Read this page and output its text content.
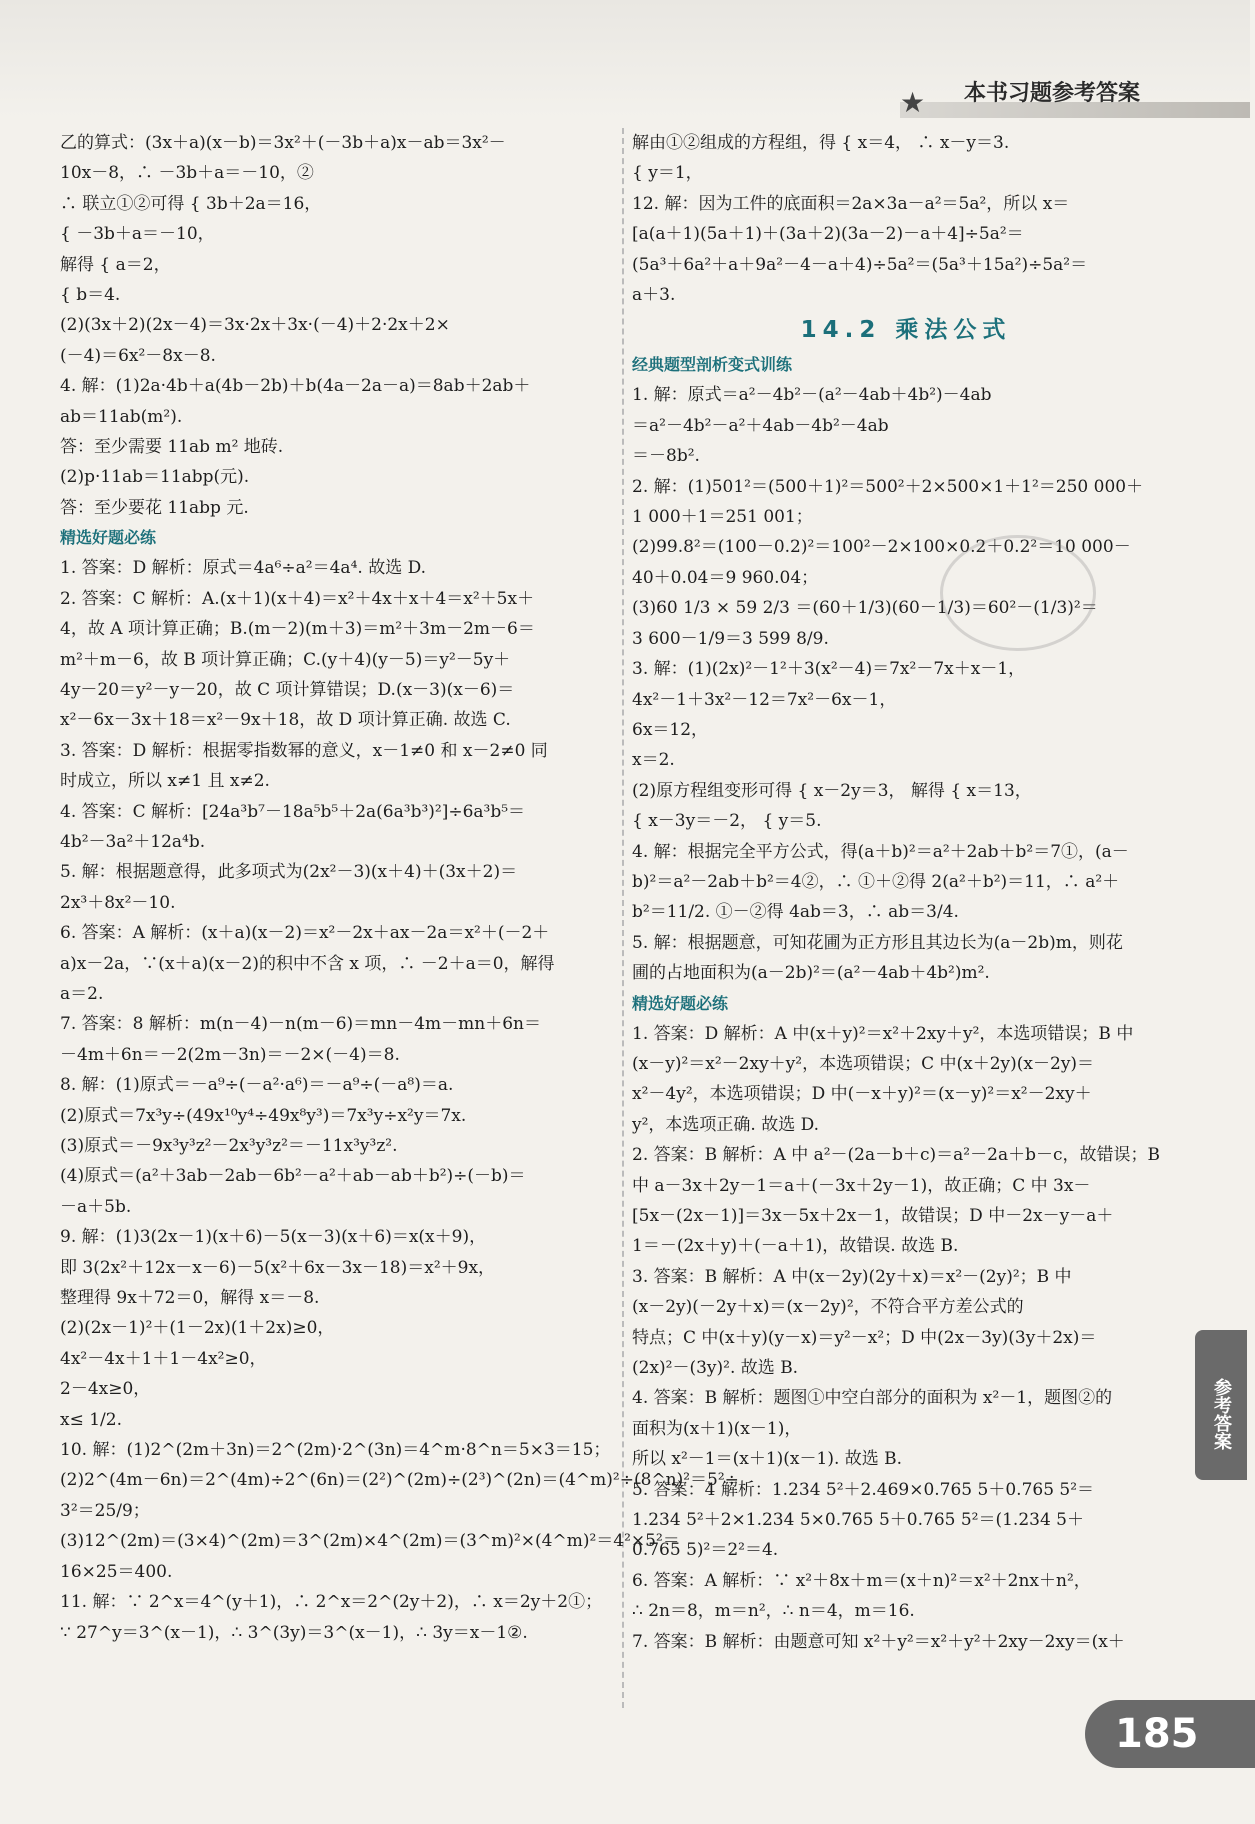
★ 本书习题参考答案
乙的算式：(3x＋a)(x－b)＝3x²＋(－3b＋a)x－ab＝3x²－
10x－8，∴ －3b＋a＝－10，②
∴ 联立①②可得 { 3b＋2a＝16，
{ －3b＋a＝－10，
解得 { a＝2，
{ b＝4.
(2)(3x＋2)(2x－4)＝3x·2x＋3x·(－4)＋2·2x＋2×
(－4)＝6x²－8x－8.
4. 解：(1)2a·4b＋a(4b－2b)＋b(4a－2a－a)＝8ab＋2ab＋
ab＝11ab(m²).
答：至少需要 11ab m² 地砖.
(2)p·11ab＝11abp(元).
答：至少要花 11abp 元.
精选好题必练
1. 答案：D 解析：原式＝4a⁶÷a²＝4a⁴. 故选 D.
2. 答案：C 解析：A.(x＋1)(x＋4)＝x²＋4x＋x＋4＝x²＋5x＋
4，故 A 项计算正确；B.(m－2)(m＋3)＝m²＋3m－2m－6＝
m²＋m－6，故 B 项计算正确；C.(y＋4)(y－5)＝y²－5y＋
4y－20＝y²－y－20，故 C 项计算错误；D.(x－3)(x－6)＝
x²－6x－3x＋18＝x²－9x＋18，故 D 项计算正确. 故选 C.
3. 答案：D 解析：根据零指数幂的意义，x－1≠0 和 x－2≠0 同
时成立，所以 x≠1 且 x≠2.
4. 答案：C 解析：[24a³b⁷－18a⁵b⁵＋2a(6a³b³)²]÷6a³b⁵＝
4b²－3a²＋12a⁴b.
5. 解：根据题意得，此多项式为(2x²－3)(x＋4)＋(3x＋2)＝
2x³＋8x²－10.
6. 答案：A 解析：(x＋a)(x－2)＝x²－2x＋ax－2a＝x²＋(－2＋
a)x－2a，∵(x＋a)(x－2)的积中不含 x 项，∴ －2＋a＝0，解得
a＝2.
7. 答案：8 解析：m(n－4)－n(m－6)＝mn－4m－mn＋6n＝
－4m＋6n＝－2(2m－3n)＝－2×(－4)＝8.
8. 解：(1)原式＝－a⁹÷(－a²·a⁶)＝－a⁹÷(－a⁸)＝a.
(2)原式＝7x³y÷(49x¹⁰y⁴÷49x⁸y³)＝7x³y÷x²y＝7x.
(3)原式＝－9x³y³z²－2x³y³z²＝－11x³y³z².
(4)原式＝(a²＋3ab－2ab－6b²－a²＋ab－ab＋b²)÷(－b)＝
－a＋5b.
9. 解：(1)3(2x－1)(x＋6)－5(x－3)(x＋6)＝x(x＋9)，
即 3(2x²＋12x－x－6)－5(x²＋6x－3x－18)＝x²＋9x，
整理得 9x＋72＝0，解得 x＝－8.
(2)(2x－1)²＋(1－2x)(1＋2x)≥0，
4x²－4x＋1＋1－4x²≥0，
2－4x≥0，
x≤ 1/2.
10. 解：(1)2^(2m＋3n)＝2^(2m)·2^(3n)＝4^m·8^n＝5×3＝15；
(2)2^(4m－6n)＝2^(4m)÷2^(6n)＝(2²)^(2m)÷(2³)^(2n)＝(4^m)²÷(8^n)²＝5²÷
3²＝25/9；
(3)12^(2m)＝(3×4)^(2m)＝3^(2m)×4^(2m)＝(3^m)²×(4^m)²＝4²×5²＝
16×25＝400.
11. 解：∵ 2^x＝4^(y＋1)，∴ 2^x＝2^(2y＋2)，∴ x＝2y＋2①；
∵ 27^y＝3^(x－1)，∴ 3^(3y)＝3^(x－1)，∴ 3y＝x－1②.
解由①②组成的方程组，得 { x＝4， ∴ x－y＝3.
{ y＝1，
12. 解：因为工件的底面积＝2a×3a－a²＝5a²，所以 x＝
[a(a＋1)(5a＋1)＋(3a＋2)(3a－2)－a＋4]÷5a²＝
(5a³＋6a²＋a＋9a²－4－a＋4)÷5a²＝(5a³＋15a²)÷5a²＝
a＋3.
14.2 乘法公式
经典题型剖析变式训练
1. 解：原式＝a²－4b²－(a²－4ab＋4b²)－4ab
＝a²－4b²－a²＋4ab－4b²－4ab
＝－8b².
2. 解：(1)501²＝(500＋1)²＝500²＋2×500×1＋1²＝250 000＋
1 000＋1＝251 001；
(2)99.8²＝(100－0.2)²＝100²－2×100×0.2＋0.2²＝10 000－
40＋0.04＝9 960.04；
(3)60 1/3 × 59 2/3 ＝(60＋1/3)(60－1/3)＝60²－(1/3)²＝
3 600－1/9＝3 599 8/9.
3. 解：(1)(2x)²－1²＋3(x²－4)＝7x²－7x＋x－1，
4x²－1＋3x²－12＝7x²－6x－1，
6x＝12，
x＝2.
(2)原方程组变形可得 { x－2y＝3， 解得 { x＝13，
{ x－3y＝－2， { y＝5.
4. 解：根据完全平方公式，得(a＋b)²＝a²＋2ab＋b²＝7①，(a－
b)²＝a²－2ab＋b²＝4②，∴ ①＋②得 2(a²＋b²)＝11，∴ a²＋
b²＝11/2. ①－②得 4ab＝3，∴ ab＝3/4.
5. 解：根据题意，可知花圃为正方形且其边长为(a－2b)m，则花
圃的占地面积为(a－2b)²＝(a²－4ab＋4b²)m².
精选好题必练
1. 答案：D 解析：A 中(x＋y)²＝x²＋2xy＋y²，本选项错误；B 中
(x－y)²＝x²－2xy＋y²，本选项错误；C 中(x＋2y)(x－2y)＝
x²－4y²，本选项错误；D 中(－x＋y)²＝(x－y)²＝x²－2xy＋
y²，本选项正确. 故选 D.
2. 答案：B 解析：A 中 a²－(2a－b＋c)＝a²－2a＋b－c，故错误；B
中 a－3x＋2y－1＝a＋(－3x＋2y－1)，故正确；C 中 3x－
[5x－(2x－1)]＝3x－5x＋2x－1，故错误；D 中－2x－y－a＋
1＝－(2x＋y)＋(－a＋1)，故错误. 故选 B.
3. 答案：B 解析：A 中(x－2y)(2y＋x)＝x²－(2y)²；B 中
(x－2y)(－2y＋x)＝(x－2y)²，不符合平方差公式的
特点；C 中(x＋y)(y－x)＝y²－x²；D 中(2x－3y)(3y＋2x)＝
(2x)²－(3y)². 故选 B.
4. 答案：B 解析：题图①中空白部分的面积为 x²－1，题图②的
面积为(x＋1)(x－1)，
所以 x²－1＝(x＋1)(x－1). 故选 B.
5. 答案：4 解析：1.234 5²＋2.469×0.765 5＋0.765 5²＝
1.234 5²＋2×1.234 5×0.765 5＋0.765 5²＝(1.234 5＋
0.765 5)²＝2²＝4.
6. 答案：A 解析：∵ x²＋8x＋m＝(x＋n)²＝x²＋2nx＋n²，
∴ 2n＝8，m＝n²，∴ n＝4，m＝16.
7. 答案：B 解析：由题意可知 x²＋y²＝x²＋y²＋2xy－2xy＝(x＋
参考答案
185
